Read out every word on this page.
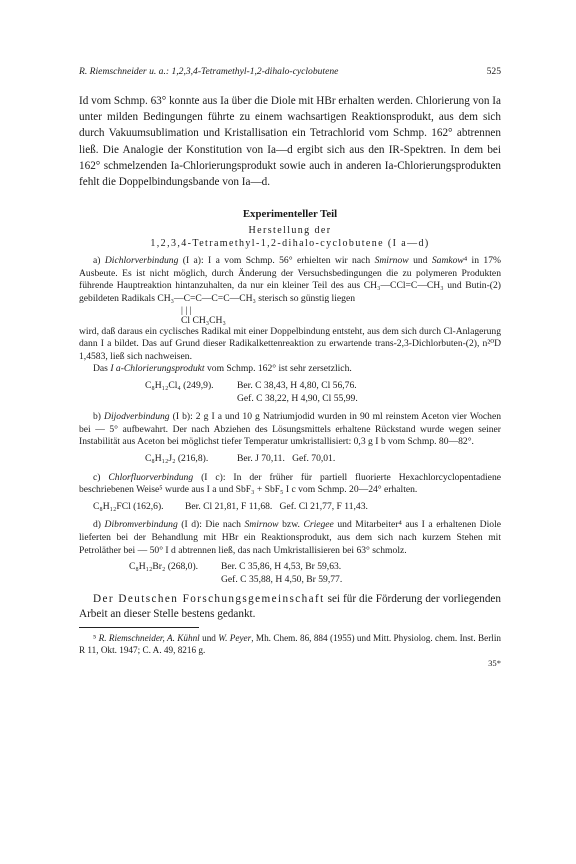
R. Riemschneider u. a.: 1,2,3,4-Tetramethyl-1,2-dihalo-cyclobutene	525

Id vom Schmp. 63° konnte aus Ia über die Diole mit HBr erhalten werden. Chlorierung von Ia unter milden Bedingungen führte zu einem wachsartigen Reaktionsprodukt, aus dem sich durch Vakuumsublimation und Kristallisation ein Tetrachlorid vom Schmp. 162° abtrennen ließ. Die Analogie der Konstitution von Ia—d ergibt sich aus den IR-Spektren. In dem bei 162° schmelzenden Ia-Chlorierungsprodukt sowie auch in anderen Ia-Chlorierungsprodukten fehlt die Doppelbindungsbande von Ia—d.

Experimenteller Teil
Herstellung der
1,2,3,4-Tetramethyl-1,2-dihalo-cyclobutene (I a—d)

a) Dichlorverbindung (I a): I a vom Schmp. 56° erhielten wir nach Smirnow und Samkow⁴ in 17% Ausbeute. Es ist nicht möglich, durch Änderung der Versuchsbedingungen die zu polymeren Produkten führende Hauptreaktion hintanzuhalten, da nur ein kleiner Teil des aus CH₃—CCl=C—CH₃ und Butin-(2) gebildeten Radikals CH₃—C=C—C=C—CH₃ sterisch so günstig liegen

| | |
Cl CH₃CH₃

wird, daß daraus ein cyclisches Radikal mit einer Doppelbindung entsteht, aus dem sich durch Cl-Anlagerung dann I a bildet. Das auf Grund dieser Radikalkettenreaktion zu erwartende trans-2,3-Dichlorbuten-(2), n²⁰D 1,4583, ließ sich nachweisen.

Das I a-Chlorierungsprodukt vom Schmp. 162° ist sehr zersetzlich.

C₈H₁₂Cl₄ (249,9).	Ber. C 38,43, H 4,80, Cl 56,76.
Gef. C 38,22, H 4,90, Cl 55,99.

b) Dijodverbindung (I b): 2 g I a und 10 g Natriumjodid wurden in 90 ml reinstem Aceton vier Wochen bei — 5° aufbewahrt. Der nach Abziehen des Lösungsmittels erhaltene Rückstand wurde wegen seiner Instabilität aus Aceton bei möglichst tiefer Temperatur umkristallisiert: 0,3 g I b vom Schmp. 80—82°.

C₈H₁₂J₂ (216,8).	Ber. J 70,11. Gef. 70,01.

c) Chlorfluorverbindung (I c): In der früher für partiell fluorierte Hexachlorcyclopentadiene beschriebenen Weise⁵ wurde aus I a und SbF₃ + SbF₅ I c vom Schmp. 20—24° erhalten.

C₈H₁₂FCl (162,6).	Ber. Cl 21,81, F 11,68. Gef. Cl 21,77, F 11,43.

d) Dibromverbindung (I d): Die nach Smirnow bzw. Criegee und Mitarbeiter⁴ aus I a erhaltenen Diole lieferten bei der Behandlung mit HBr ein Reaktionsprodukt, aus dem sich nach kurzem Stehen mit Petroläther bei — 50° I d abtrennen ließ, das nach Umkristallisieren bei 63° schmolz.

C₈H₁₂Br₂ (268,0).	Ber. C 35,86, H 4,53, Br 59,63.
Gef. C 35,88, H 4,50, Br 59,77.

Der Deutschen Forschungsgemeinschaft sei für die Förderung der vorliegenden Arbeit an dieser Stelle bestens gedankt.

⁵ R. Riemschneider, A. Kühnl und W. Peyer, Mh. Chem. 86, 884 (1955) und Mitt. Physiolog. chem. Inst. Berlin R 11, Okt. 1947; C. A. 49, 8216 g.

35*
